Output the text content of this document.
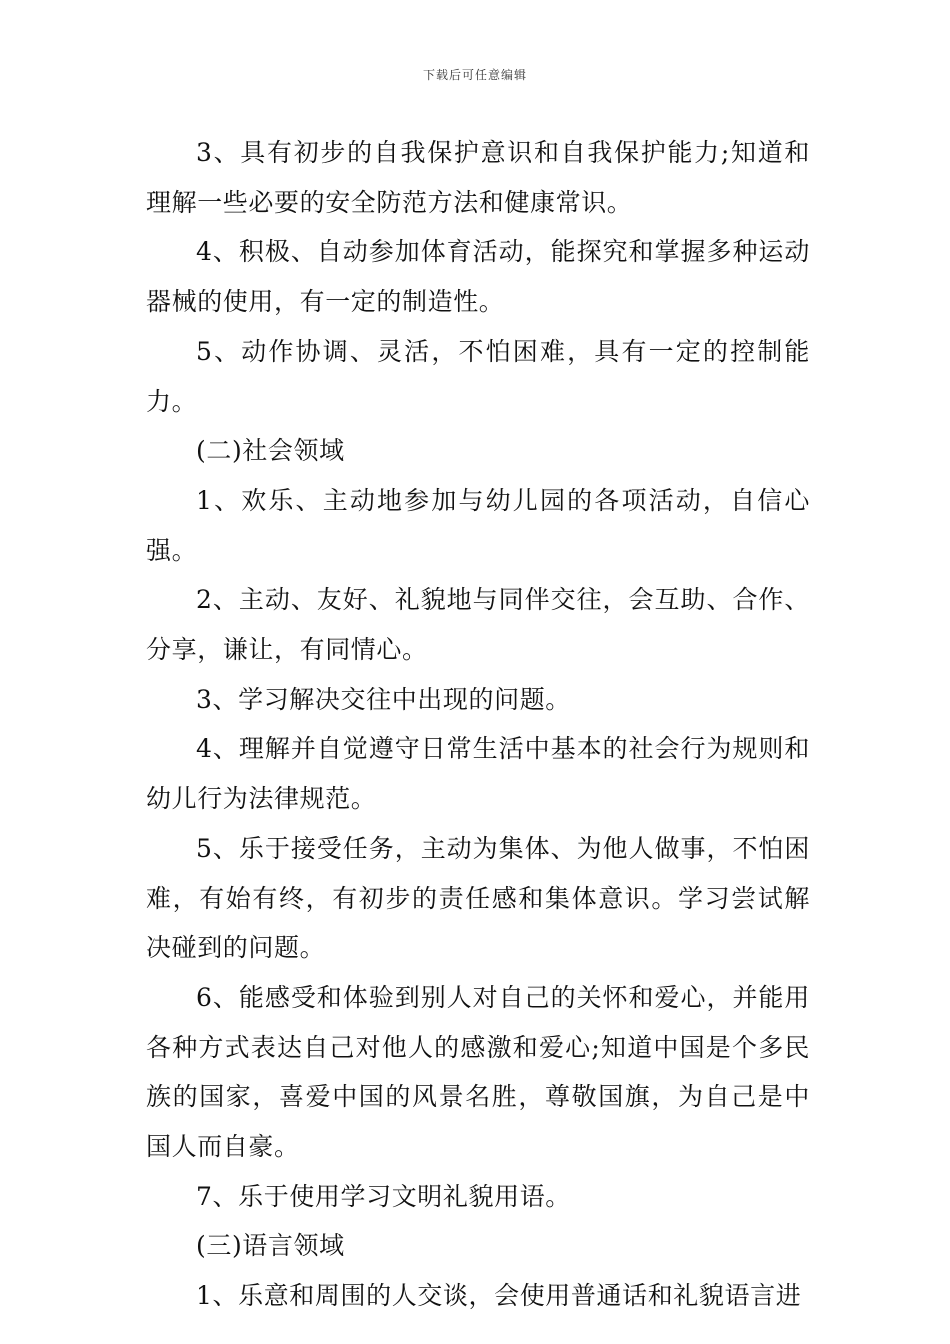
下载后可任意编辑

3、具有初步的自我保护意识和自我保护能力;知道和理解一些必要的安全防范方法和健康常识。

4、积极、自动参加体育活动，能探究和掌握多种运动器械的使用，有一定的制造性。

5、动作协调、灵活，不怕困难，具有一定的控制能力。

(二)社会领域

1、欢乐、主动地参加与幼儿园的各项活动，自信心强。

2、主动、友好、礼貌地与同伴交往，会互助、合作、分享，谦让，有同情心。

3、学习解决交往中出现的问题。

4、理解并自觉遵守日常生活中基本的社会行为规则和幼儿行为法律规范。

5、乐于接受任务，主动为集体、为他人做事，不怕困难，有始有终，有初步的责任感和集体意识。学习尝试解决碰到的问题。

6、能感受和体验到别人对自己的关怀和爱心，并能用各种方式表达自己对他人的感激和爱心;知道中国是个多民族的国家，喜爱中国的风景名胜，尊敬国旗，为自己是中国人而自豪。

7、乐于使用学习文明礼貌用语。

(三)语言领域

1、乐意和周围的人交谈，会使用普通话和礼貌语言进
